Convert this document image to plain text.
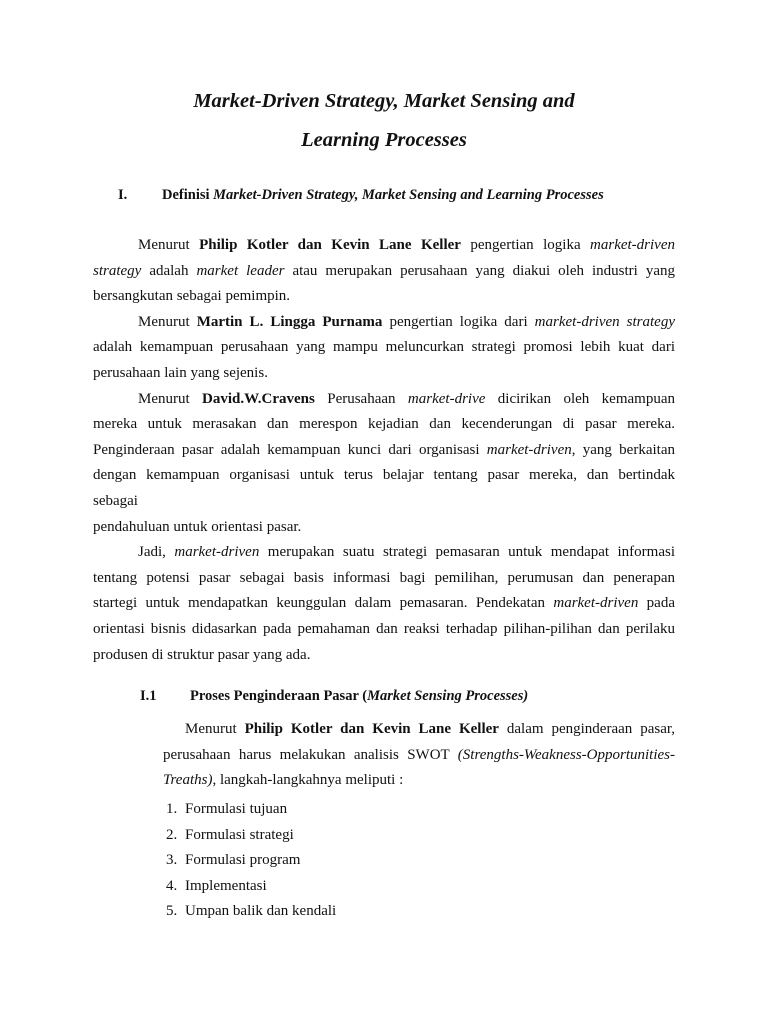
Market-Driven Strategy, Market Sensing and
Learning Processes
I.	Definisi Market-Driven Strategy, Market Sensing and Learning Processes

Menurut Philip Kotler dan Kevin Lane Keller pengertian logika market-driven

strategy adalah market leader atau merupakan perusahaan yang diakui oleh industri yang

bersangkutan sebagai pemimpin.

Menurut Martin L. Lingga Purnama pengertian logika dari market-driven strategy

adalah kemampuan perusahaan yang mampu meluncurkan strategi promosi lebih kuat dari

perusahaan lain yang sejenis.

Menurut David.W.Cravens Perusahaan market-drive dicirikan oleh kemampuan

mereka untuk merasakan dan merespon kejadian dan kecenderungan di pasar mereka.

Penginderaan pasar adalah kemampuan kunci dari organisasi market-driven, yang berkaitan

dengan kemampuan organisasi untuk terus belajar tentang pasar mereka, dan bertindak

sebagai

pendahuluan untuk orientasi pasar.

Jadi, market-driven merupakan suatu strategi pemasaran untuk mendapat informasi

tentang potensi pasar sebagai basis informasi bagi pemilihan, perumusan dan penerapan

startegi untuk mendapatkan keunggulan dalam pemasaran. Pendekatan market-driven pada

orientasi bisnis didasarkan pada pemahaman dan reaksi terhadap pilihan-pilihan dan perilaku

produsen di struktur pasar yang ada.

I.1	Proses Penginderaan Pasar (Market Sensing Processes)

Menurut Philip Kotler dan Kevin Lane Keller dalam penginderaan pasar,

perusahaan harus melakukan analisis SWOT (Strengths-Weakness-Opportunities-

Treaths), langkah-langkahnya meliputi :

1. Formulasi tujuan
2. Formulasi strategi
3. Formulasi program
4. Implementasi
5. Umpan balik dan kendali
